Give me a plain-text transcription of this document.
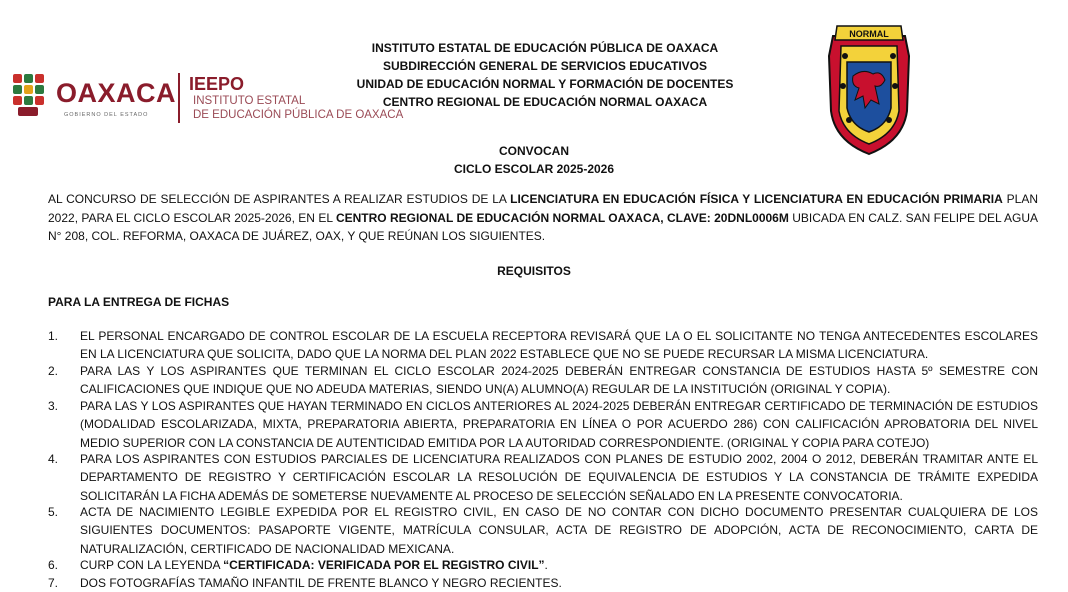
OAXACA
GOBIERNO DEL ESTADO
IEEPO
INSTITUTO ESTATAL
DE EDUCACIÓN PÚBLICA DE OAXACA
INSTITUTO ESTATAL DE EDUCACIÓN PÚBLICA DE OAXACA
SUBDIRECCIÓN GENERAL DE SERVICIOS EDUCATIVOS
UNIDAD DE EDUCACIÓN NORMAL Y FORMACIÓN DE DOCENTES
CENTRO REGIONAL DE EDUCACIÓN NORMAL OAXACA
NORMAL
CONVOCAN
CICLO ESCOLAR 2025-2026
AL CONCURSO DE SELECCIÓN DE ASPIRANTES A REALIZAR ESTUDIOS DE LA LICENCIATURA EN EDUCACIÓN FÍSICA Y LICENCIATURA EN EDUCACIÓN PRIMARIA PLAN 2022, PARA EL CICLO ESCOLAR 2025-2026, EN EL CENTRO REGIONAL DE EDUCACIÓN NORMAL OAXACA, CLAVE: 20DNL0006M UBICADA EN CALZ. SAN FELIPE DEL AGUA N° 208, COL. REFORMA, OAXACA DE JUÁREZ, OAX, Y QUE REÚNAN LOS SIGUIENTES.
REQUISITOS
PARA LA ENTREGA DE FICHAS
1. EL PERSONAL ENCARGADO DE CONTROL ESCOLAR DE LA ESCUELA RECEPTORA REVISARÁ QUE LA O EL SOLICITANTE NO TENGA ANTECEDENTES ESCOLARES EN LA LICENCIATURA QUE SOLICITA, DADO QUE LA NORMA DEL PLAN 2022 ESTABLECE QUE NO SE PUEDE RECURSAR LA MISMA LICENCIATURA.
2. PARA LAS Y LOS ASPIRANTES QUE TERMINAN EL CICLO ESCOLAR 2024-2025 DEBERÁN ENTREGAR CONSTANCIA DE ESTUDIOS HASTA 5º SEMESTRE CON CALIFICACIONES QUE INDIQUE QUE NO ADEUDA MATERIAS, SIENDO UN(A) ALUMNO(A) REGULAR DE LA INSTITUCIÓN (ORIGINAL Y COPIA).
3. PARA LAS Y LOS ASPIRANTES QUE HAYAN TERMINADO EN CICLOS ANTERIORES AL 2024-2025 DEBERÁN ENTREGAR CERTIFICADO DE TERMINACIÓN DE ESTUDIOS (MODALIDAD ESCOLARIZADA, MIXTA, PREPARATORIA ABIERTA, PREPARATORIA EN LÍNEA O POR ACUERDO 286) CON CALIFICACIÓN APROBATORIA DEL NIVEL MEDIO SUPERIOR CON LA CONSTANCIA DE AUTENTICIDAD EMITIDA POR LA AUTORIDAD CORRESPONDIENTE. (ORIGINAL Y COPIA PARA COTEJO)
4. PARA LOS ASPIRANTES CON ESTUDIOS PARCIALES DE LICENCIATURA REALIZADOS CON PLANES DE ESTUDIO 2002, 2004 O 2012, DEBERÁN TRAMITAR ANTE EL DEPARTAMENTO DE REGISTRO Y CERTIFICACIÓN ESCOLAR LA RESOLUCIÓN DE EQUIVALENCIA DE ESTUDIOS Y LA CONSTANCIA DE TRÁMITE EXPEDIDA SOLICITARÁN LA FICHA ADEMÁS DE SOMETERSE NUEVAMENTE AL PROCESO DE SELECCIÓN SEÑALADO EN LA PRESENTE CONVOCATORIA.
5. ACTA DE NACIMIENTO LEGIBLE EXPEDIDA POR EL REGISTRO CIVIL, EN CASO DE NO CONTAR CON DICHO DOCUMENTO PRESENTAR CUALQUIERA DE LOS SIGUIENTES DOCUMENTOS: PASAPORTE VIGENTE, MATRÍCULA CONSULAR, ACTA DE REGISTRO DE ADOPCIÓN, ACTA DE RECONOCIMIENTO, CARTA DE NATURALIZACIÓN, CERTIFICADO DE NACIONALIDAD MEXICANA.
6. CURP CON LA LEYENDA “CERTIFICADA: VERIFICADA POR EL REGISTRO CIVIL”.
7. DOS FOTOGRAFÍAS TAMAÑO INFANTIL DE FRENTE BLANCO Y NEGRO RECIENTES.
